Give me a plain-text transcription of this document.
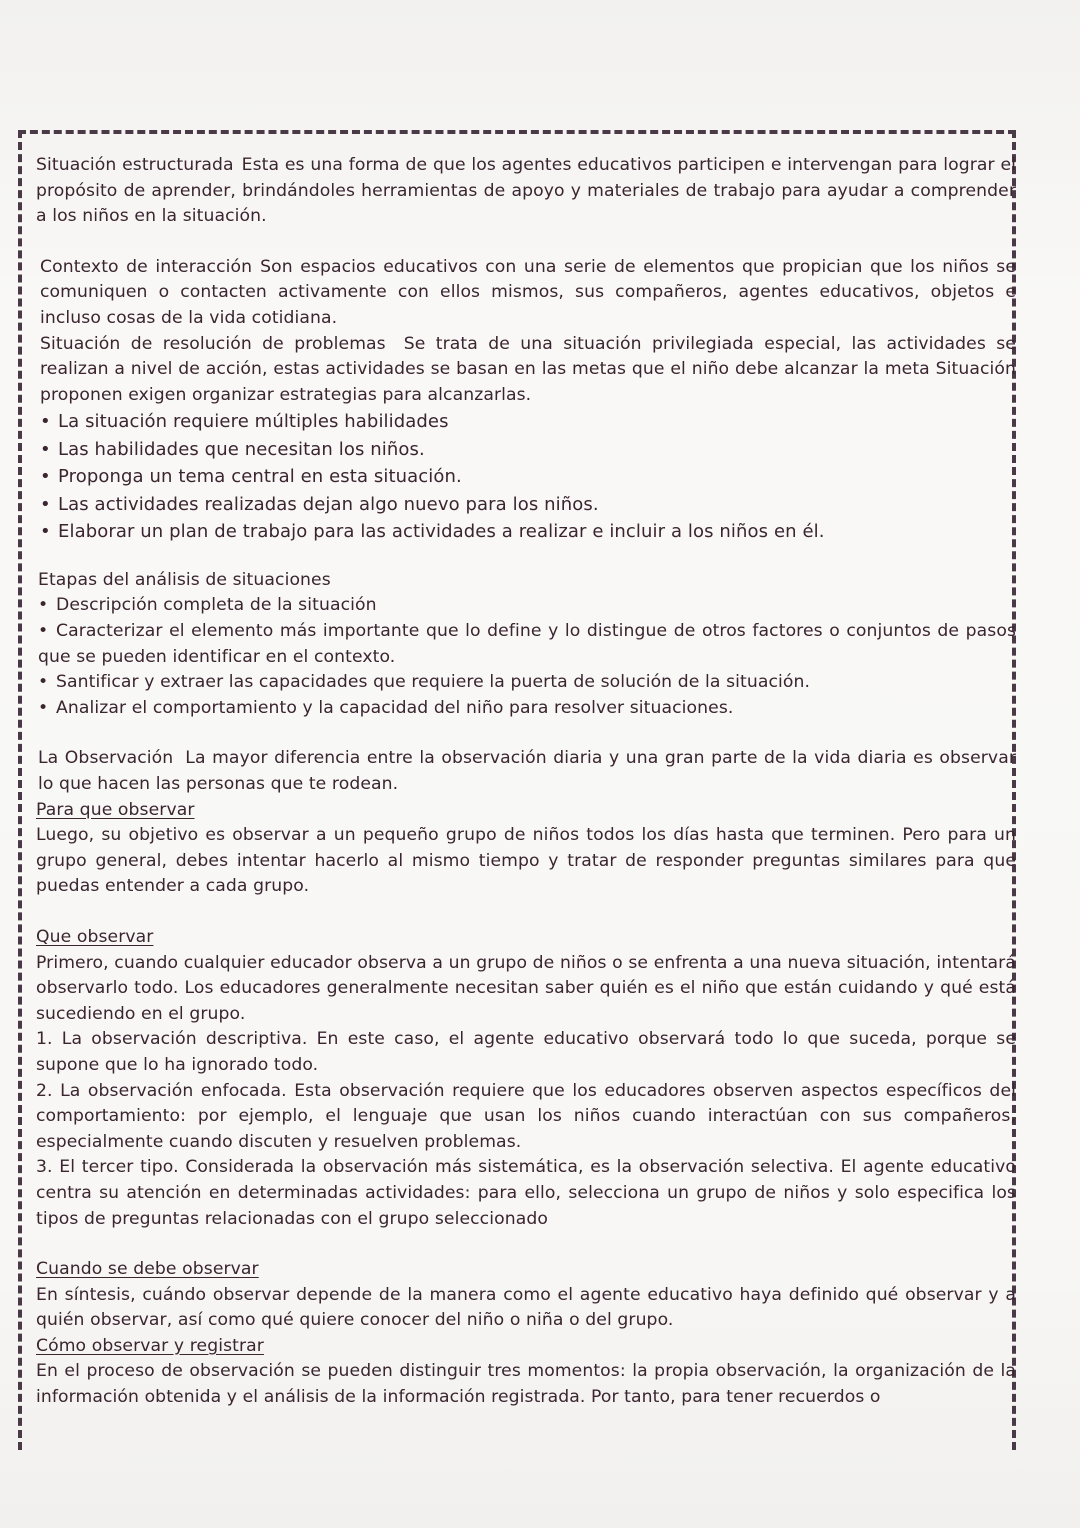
Situación estructurada Esta es una forma de que los agentes educativos participen e intervengan para lograr el propósito de aprender, brindándoles herramientas de apoyo y materiales de trabajo para ayudar a comprender a los niños en la situación.

Contexto de interacción Son espacios educativos con una serie de elementos que propician que los niños se comuniquen o contacten activamente con ellos mismos, sus compañeros, agentes educativos, objetos e incluso cosas de la vida cotidiana.

Situación de resolución de problemas Se trata de una situación privilegiada especial, las actividades se realizan a nivel de acción, estas actividades se basan en las metas que el niño debe alcanzar la meta Situación proponen exigen organizar estrategias para alcanzarlas.

• La situación requiere múltiples habilidades

• Las habilidades que necesitan los niños.

• Proponga un tema central en esta situación.

• Las actividades realizadas dejan algo nuevo para los niños.

• Elaborar un plan de trabajo para las actividades a realizar e incluir a los niños en él.

Etapas del análisis de situaciones

• Descripción completa de la situación

• Caracterizar el elemento más importante que lo define y lo distingue de otros factores o conjuntos de pasos que se pueden identificar en el contexto.

• Santificar y extraer las capacidades que requiere la puerta de solución de la situación.

• Analizar el comportamiento y la capacidad del niño para resolver situaciones.

La Observación La mayor diferencia entre la observación diaria y una gran parte de la vida diaria es observar lo que hacen las personas que te rodean.

Para que observar

Luego, su objetivo es observar a un pequeño grupo de niños todos los días hasta que terminen. Pero para un grupo general, debes intentar hacerlo al mismo tiempo y tratar de responder preguntas similares para que puedas entender a cada grupo.

Que observar

Primero, cuando cualquier educador observa a un grupo de niños o se enfrenta a una nueva situación, intentará observarlo todo. Los educadores generalmente necesitan saber quién es el niño que están cuidando y qué está sucediendo en el grupo.

1. La observación descriptiva. En este caso, el agente educativo observará todo lo que suceda, porque se supone que lo ha ignorado todo.

2. La observación enfocada. Esta observación requiere que los educadores observen aspectos específicos del comportamiento: por ejemplo, el lenguaje que usan los niños cuando interactúan con sus compañeros, especialmente cuando discuten y resuelven problemas.

3. El tercer tipo. Considerada la observación más sistemática, es la observación selectiva. El agente educativo centra su atención en determinadas actividades: para ello, selecciona un grupo de niños y solo especifica los tipos de preguntas relacionadas con el grupo seleccionado

Cuando se debe observar

En síntesis, cuándo observar depende de la manera como el agente educativo haya definido qué observar y a quién observar, así como qué quiere conocer del niño o niña o del grupo.

Cómo observar y registrar

En el proceso de observación se pueden distinguir tres momentos: la propia observación, la organización de la información obtenida y el análisis de la información registrada. Por tanto, para tener recuerdos o
